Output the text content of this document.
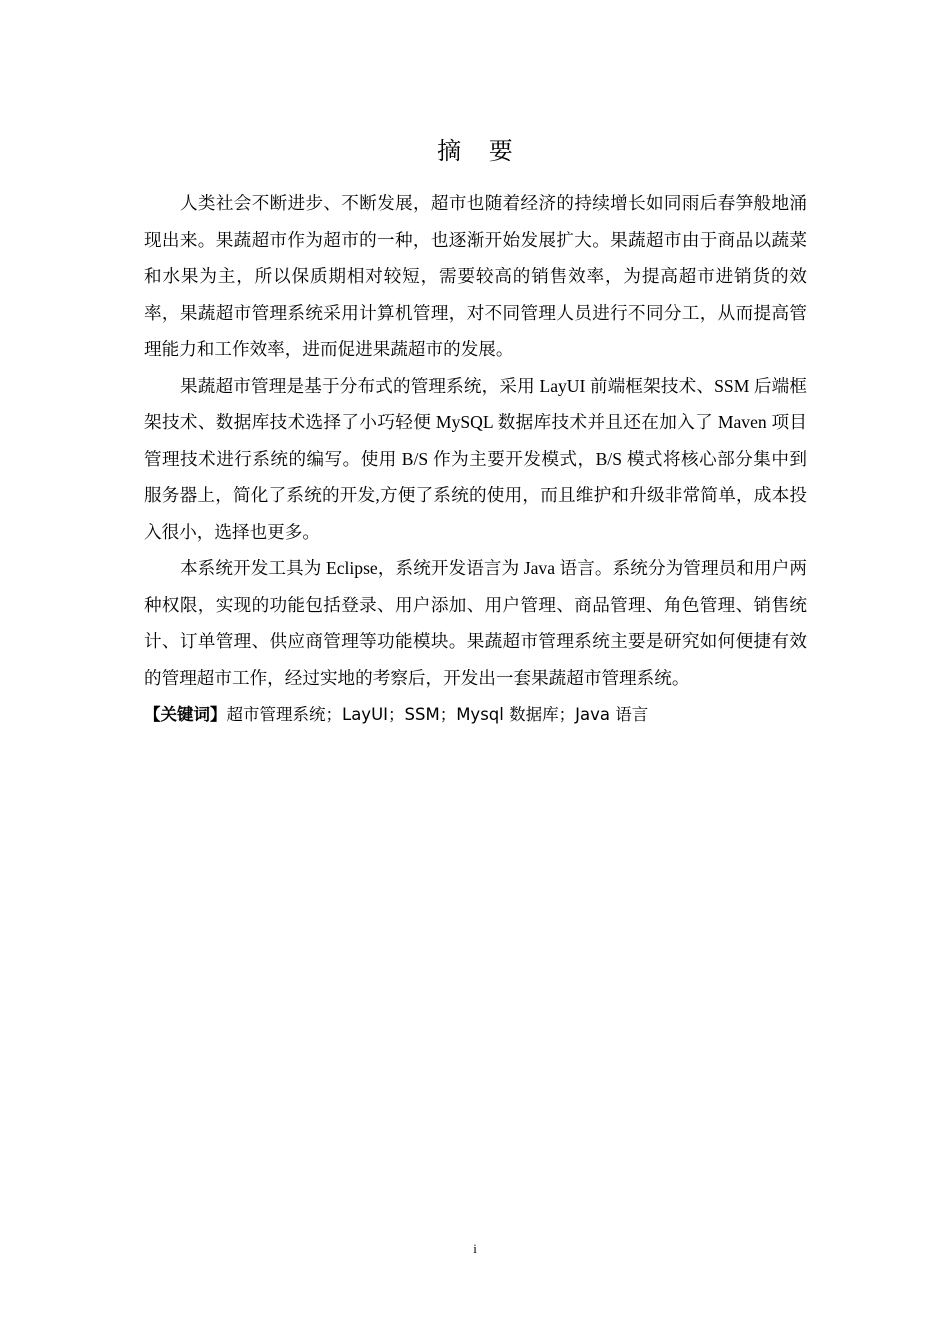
摘 要

人类社会不断进步、不断发展，超市也随着经济的持续增长如同雨后春笋般地涌现出来。果蔬超市作为超市的一种，也逐渐开始发展扩大。果蔬超市由于商品以蔬菜和水果为主，所以保质期相对较短，需要较高的销售效率，为提高超市进销货的效率，果蔬超市管理系统采用计算机管理，对不同管理人员进行不同分工，从而提高管理能力和工作效率，进而促进果蔬超市的发展。

果蔬超市管理是基于分布式的管理系统，采用 LayUI 前端框架技术、SSM 后端框架技术、数据库技术选择了小巧轻便 MySQL 数据库技术并且还在加入了 Maven 项目管理技术进行系统的编写。使用 B/S 作为主要开发模式，B/S 模式将核心部分集中到服务器上，简化了系统的开发,方便了系统的使用，而且维护和升级非常简单，成本投入很小，选择也更多。

本系统开发工具为 Eclipse，系统开发语言为 Java 语言。系统分为管理员和用户两种权限，实现的功能包括登录、用户添加、用户管理、商品管理、角色管理、销售统计、订单管理、供应商管理等功能模块。果蔬超市管理系统主要是研究如何便捷有效的管理超市工作，经过实地的考察后，开发出一套果蔬超市管理系统。

【关键词】超市管理系统；LayUI；SSM；Mysql 数据库；Java 语言

i
